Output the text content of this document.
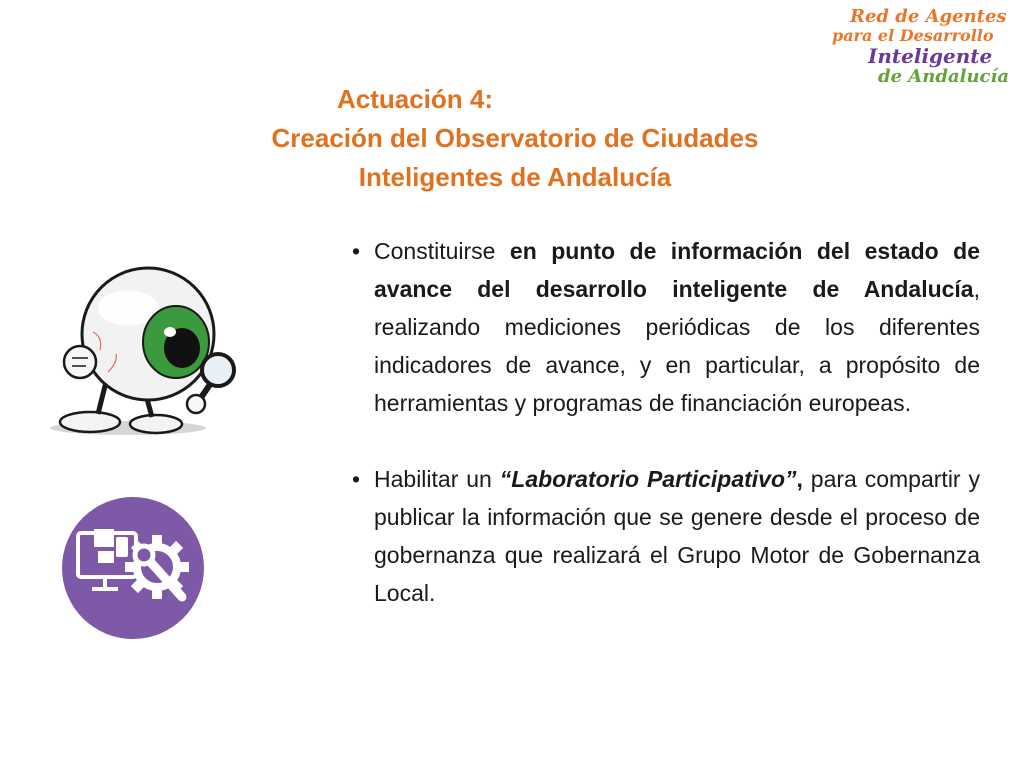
Red de Agentes
para el Desarrollo
Inteligente
de Andalucía
Actuación 4:
Creación del Observatorio de Ciudades
Inteligentes de Andalucía
• Constituirse en punto de información del estado de avance del desarrollo inteligente de Andalucía, realizando mediciones periódicas de los diferentes indicadores de avance, y en particular, a propósito de herramientas y programas de financiación europeas.
• Habilitar un “Laboratorio Participativo”, para compartir y publicar la información que se genere desde el proceso de gobernanza que realizará el Grupo Motor de Gobernanza Local.
